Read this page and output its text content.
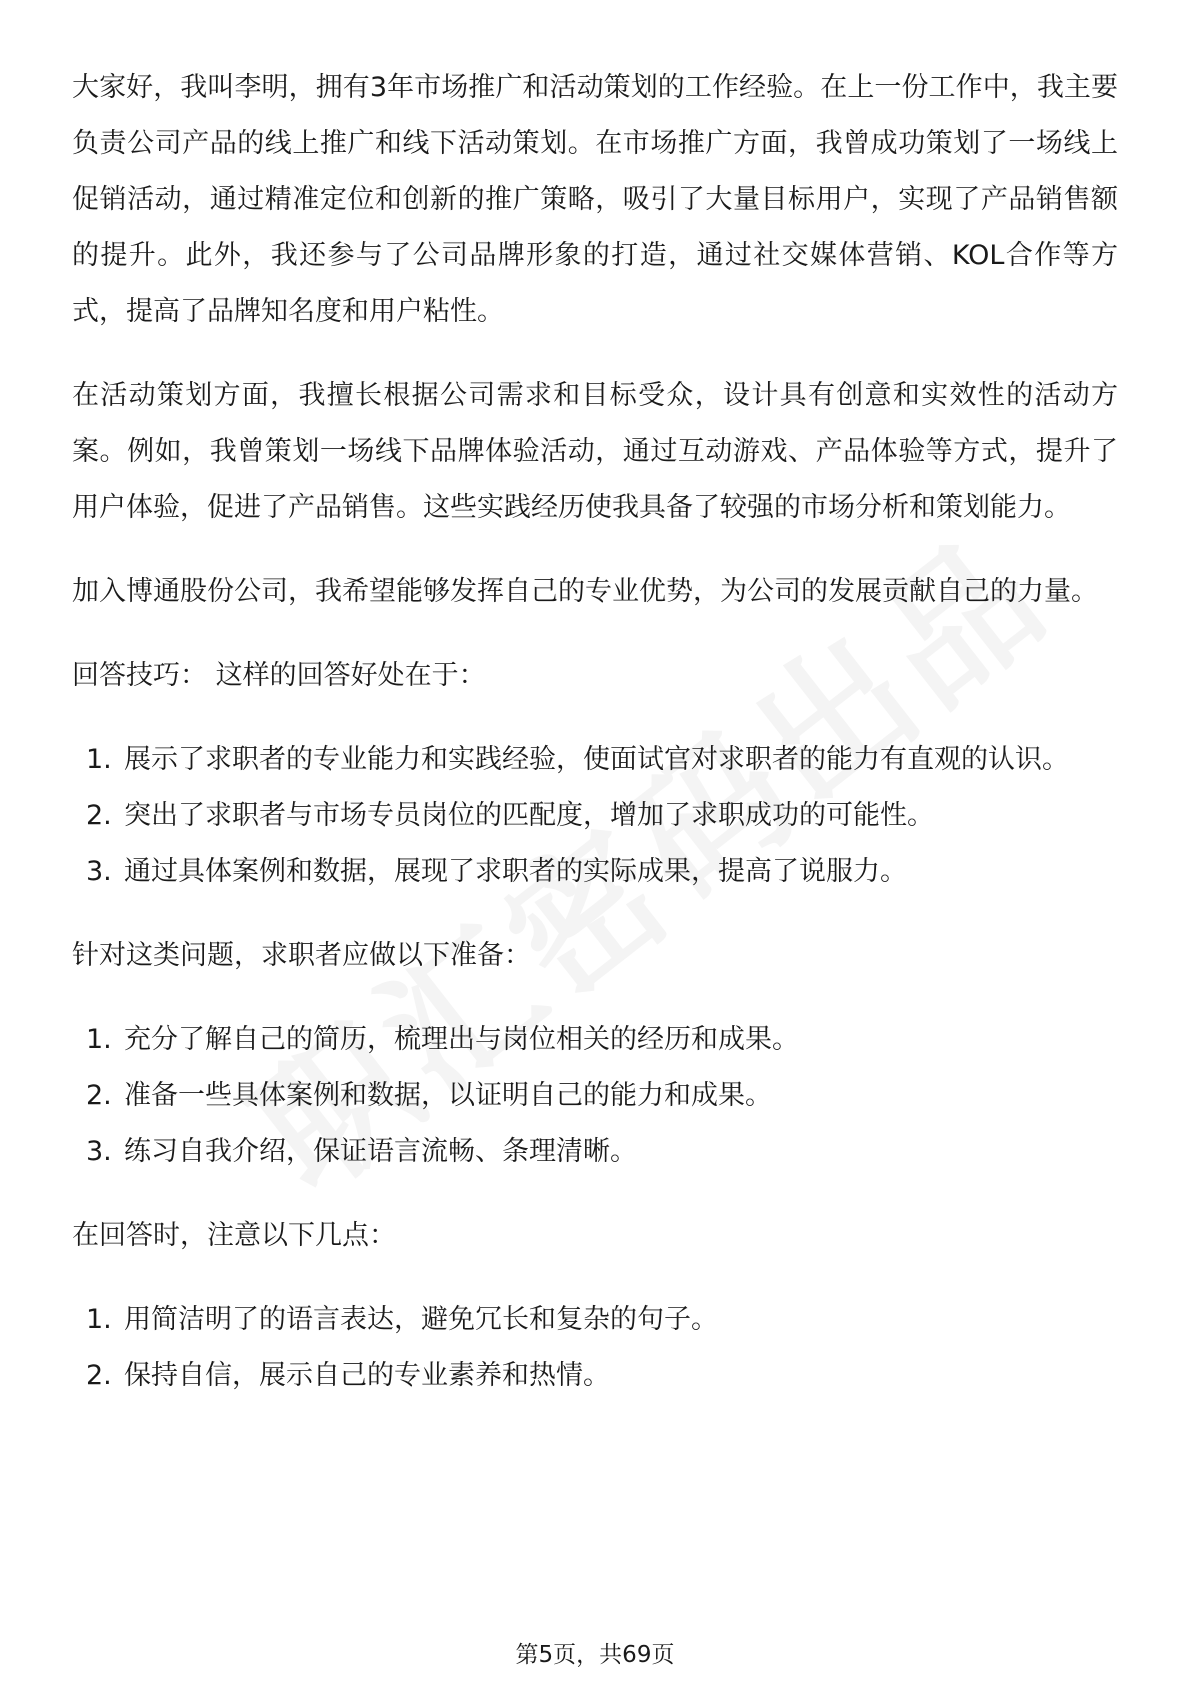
大家好，我叫李明，拥有3年市场推广和活动策划的工作经验。在上一份工作中，我主要负责公司产品的线上推广和线下活动策划。在市场推广方面，我曾成功策划了一场线上促销活动，通过精准定位和创新的推广策略，吸引了大量目标用户，实现了产品销售额的提升。此外，我还参与了公司品牌形象的打造，通过社交媒体营销、KOL合作等方式，提高了品牌知名度和用户粘性。

在活动策划方面，我擅长根据公司需求和目标受众，设计具有创意和实效性的活动方案。例如，我曾策划一场线下品牌体验活动，通过互动游戏、产品体验等方式，提升了用户体验，促进了产品销售。这些实践经历使我具备了较强的市场分析和策划能力。

加入博通股份公司，我希望能够发挥自己的专业优势，为公司的发展贡献自己的力量。

回答技巧： 这样的回答好处在于：

1. 展示了求职者的专业能力和实践经验，使面试官对求职者的能力有直观的认识。
2. 突出了求职者与市场专员岗位的匹配度，增加了求职成功的可能性。
3. 通过具体案例和数据，展现了求职者的实际成果，提高了说服力。

针对这类问题，求职者应做以下准备：

1. 充分了解自己的简历，梳理出与岗位相关的经历和成果。
2. 准备一些具体案例和数据，以证明自己的能力和成果。
3. 练习自我介绍，保证语言流畅、条理清晰。

在回答时，注意以下几点：

1. 用简洁明了的语言表达，避免冗长和复杂的句子。
2. 保持自信，展示自己的专业素养和热情。
第5页，共69页
